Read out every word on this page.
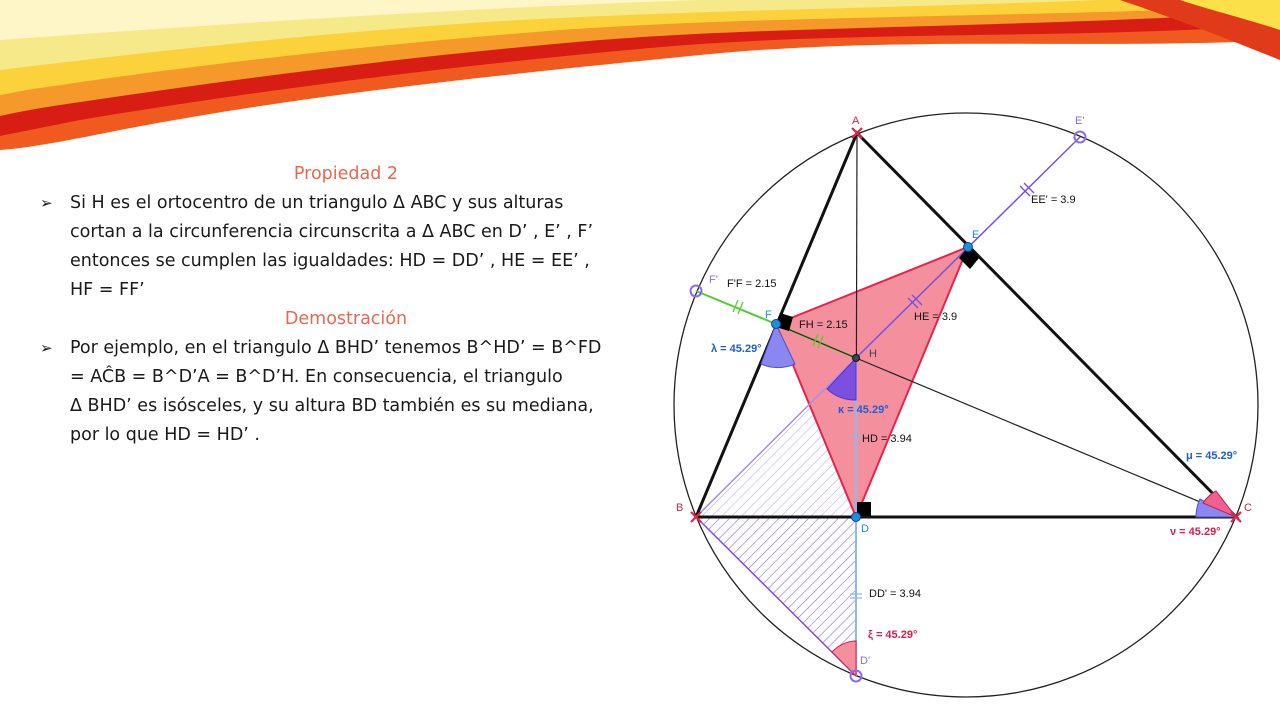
Propiedad 2
➢ Si H es el ortocentro de un triangulo Δ ABC y sus alturas
cortan a la circunferencia circunscrita a Δ ABC en D’ , E’ , F’
entonces se cumplen las igualdades: HD = DD’ , HE = EE’ ,
HF = FF’
Demostración
➢ Por ejemplo, en el triangulo Δ BHD’ tenemos B^HD’ = B^FD
= AĈB = B^D’A = B^D’H. En consecuencia, el triangulo
Δ BHD’ es isósceles, y su altura BD también es su mediana,
por lo que HD = HD’ .
A
B	C
D
E
F
H
D'
E'
F'
EE' = 3.9
HE = 3.9
F'F = 2.15
FH = 2.15
HD = 3.94
DD' = 3.94
λ = 45.29°
κ = 45.29°
μ = 45.29°
ν = 45.29°
ξ = 45.29°
